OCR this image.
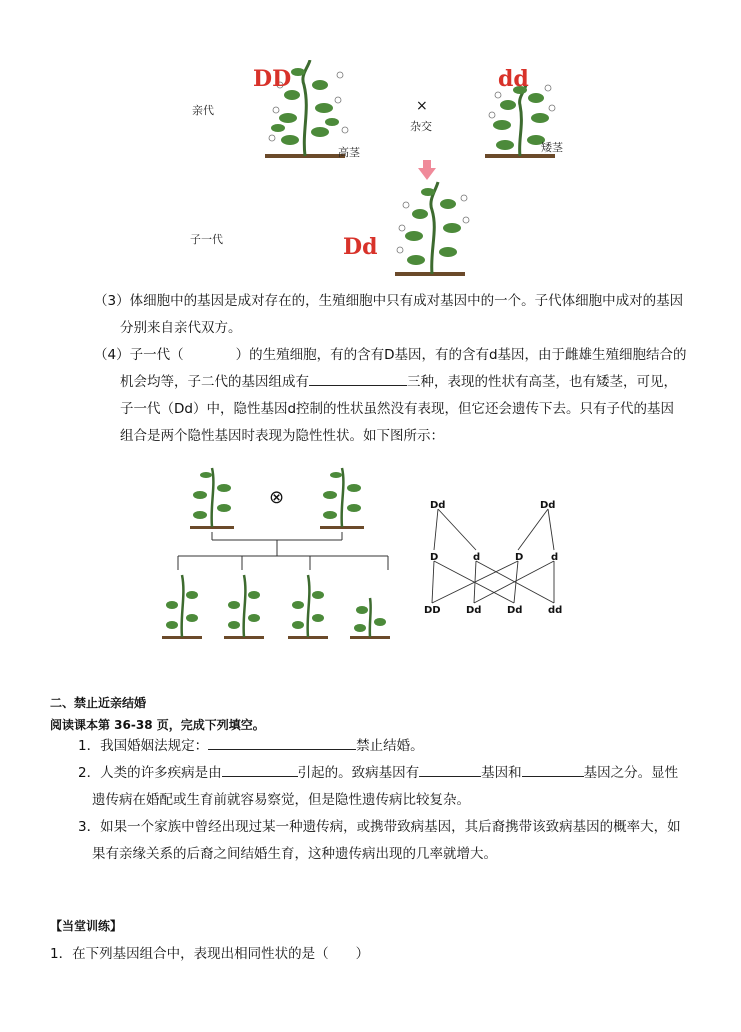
DD	dd
Dd
亲代
子一代
×
杂交
高茎	矮茎
（3）体细胞中的基因是成对存在的，生殖细胞中只有成对基因中的一个。子代体细胞中成对的基因
分别来自亲代双方。
（4）子一代（	）的生殖细胞，有的含有D基因，有的含有d基因，由于雌雄生殖细胞结合的
机会均等，子二代的基因组成有	三种，表现的性状有高茎，也有矮茎，可见，
子一代（Dd）中，隐性基因d控制的性状虽然没有表现，但它还会遗传下去。只有子代的基因
组合是两个隐性基因时表现为隐性性状。如下图所示：
⊗	Dd	Dd
D	d	D	d
DD	Dd	Dd	dd
二、禁止近亲结婚
阅读课本第 36-38 页，完成下列填空。
1．我国婚姻法规定：	禁止结婚。
2．人类的许多疾病是由	引起的。致病基因有	基因和	基因之分。显性
遗传病在婚配或生育前就容易察觉，但是隐性遗传病比较复杂。
3．如果一个家族中曾经出现过某一种遗传病，或携带致病基因，其后裔携带该致病基因的概率大，如
果有亲缘关系的后裔之间结婚生育，这种遗传病出现的几率就增大。
【当堂训练】
1．在下列基因组合中，表现出相同性状的是（　　）
